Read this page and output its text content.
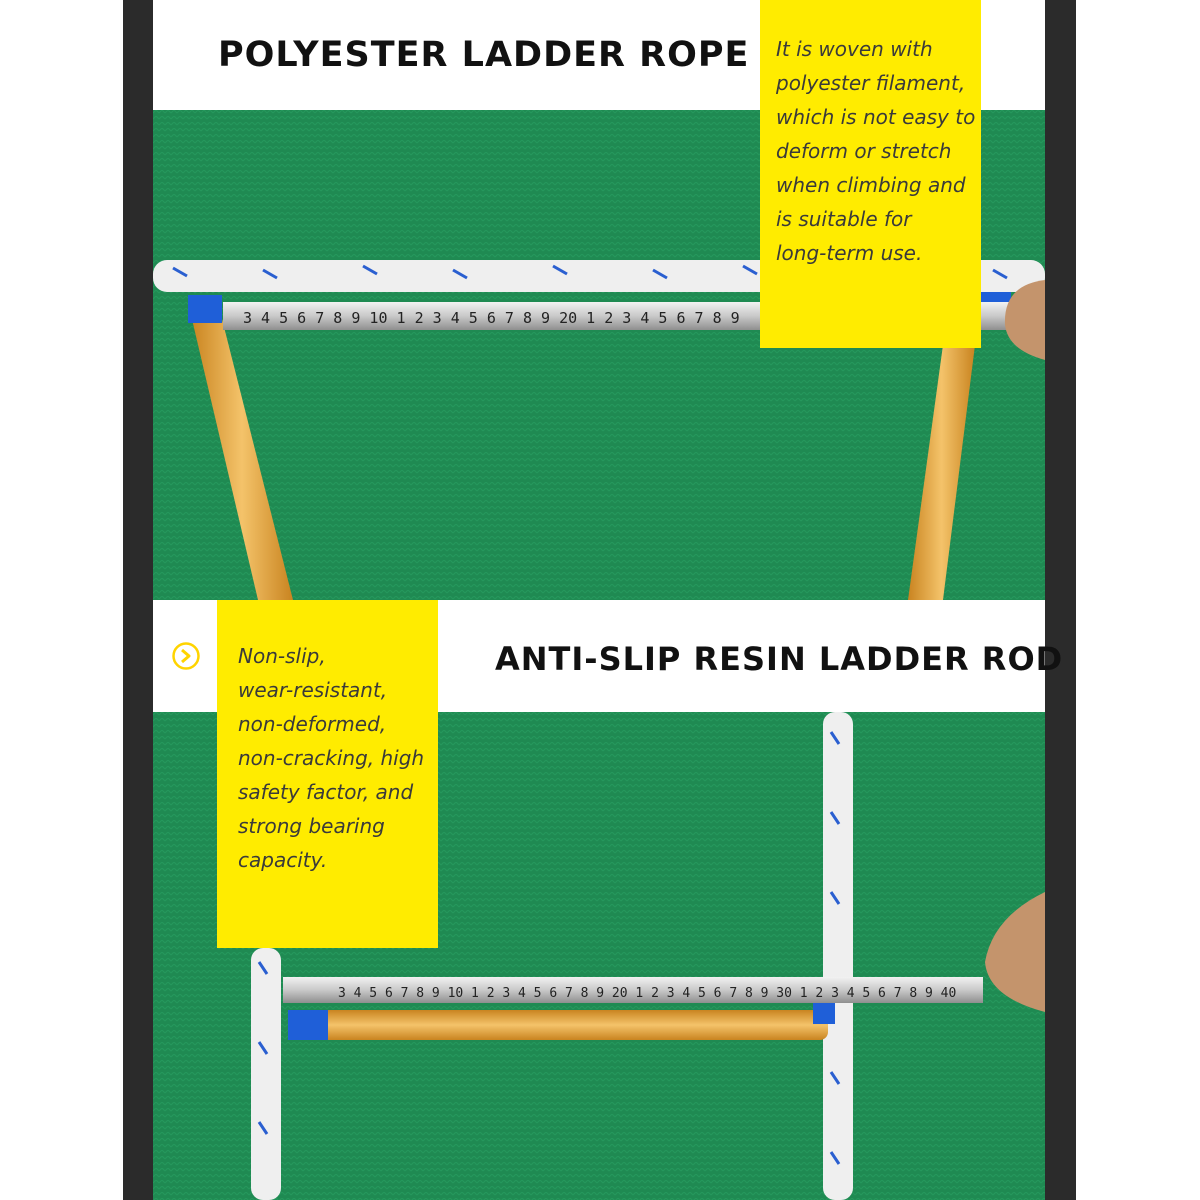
3 4 5 6 7 8 9 10 1 2 3 4 5 6 7 8 9 20 1 2 3 4 5 6 7 8 9
3 4 5 6 7 8 9 10 1 2 3 4 5 6 7 8 9 20 1 2 3 4 5 6 7 8 9 30 1 2 3 4 5 6 7 8 9 40
POLYESTER LADDER ROPE
ANTI-SLIP RESIN LADDER ROD
It is woven with
polyester filament,
which is not easy to
deform or stretch
when climbing and
is suitable for
long-term use.
Non-slip,
wear-resistant,
non-deformed,
non-cracking, high
safety factor, and
strong bearing
capacity.
